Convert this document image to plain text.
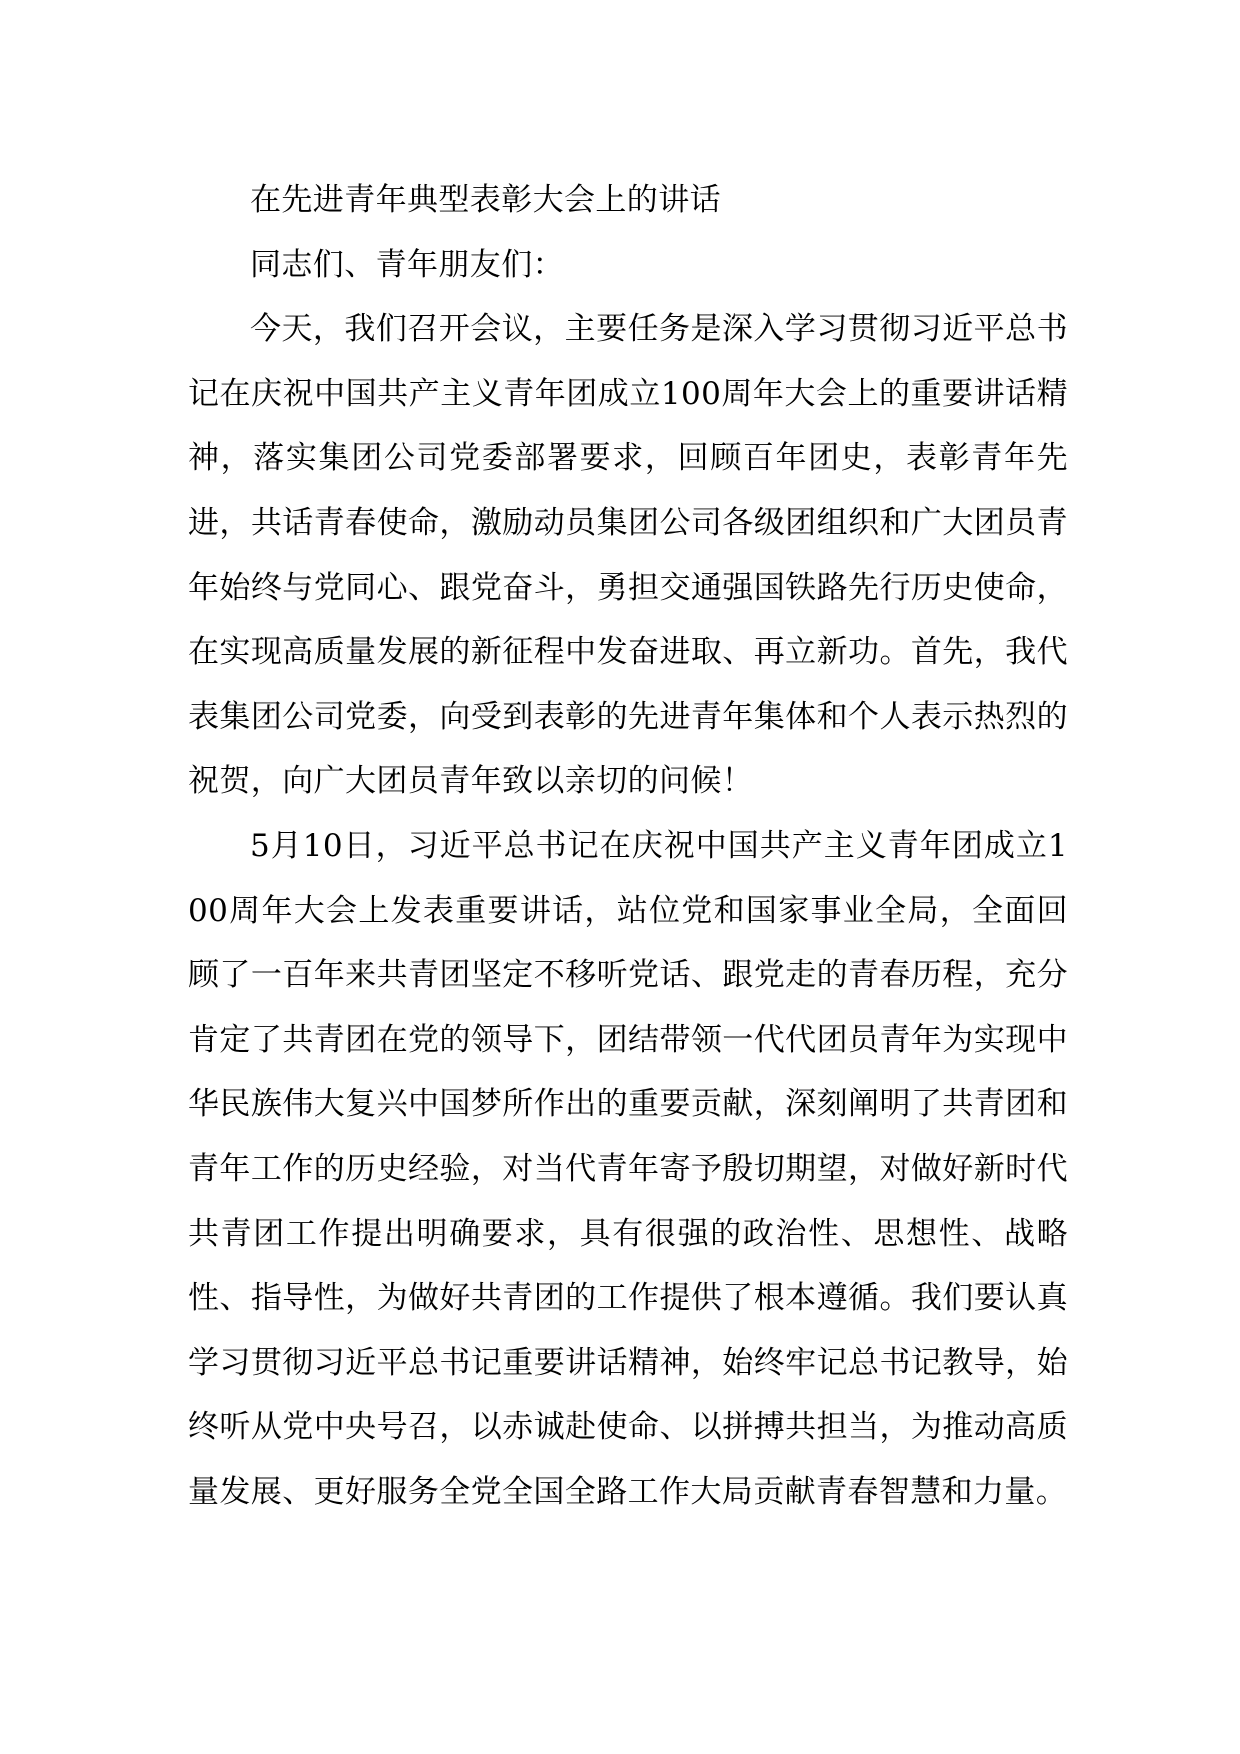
在先进青年典型表彰大会上的讲话

同志们、青年朋友们：

今天，我们召开会议，主要任务是深入学习贯彻习近平总书记在庆祝中国共产主义青年团成立100周年大会上的重要讲话精神，落实集团公司党委部署要求，回顾百年团史，表彰青年先进，共话青春使命，激励动员集团公司各级团组织和广大团员青年始终与党同心、跟党奋斗，勇担交通强国铁路先行历史使命，在实现高质量发展的新征程中发奋进取、再立新功。首先，我代表集团公司党委，向受到表彰的先进青年集体和个人表示热烈的祝贺，向广大团员青年致以亲切的问候！

5月10日，习近平总书记在庆祝中国共产主义青年团成立100周年大会上发表重要讲话，站位党和国家事业全局，全面回顾了一百年来共青团坚定不移听党话、跟党走的青春历程，充分肯定了共青团在党的领导下，团结带领一代代团员青年为实现中华民族伟大复兴中国梦所作出的重要贡献，深刻阐明了共青团和青年工作的历史经验，对当代青年寄予殷切期望，对做好新时代共青团工作提出明确要求，具有很强的政治性、思想性、战略性、指导性，为做好共青团的工作提供了根本遵循。我们要认真学习贯彻习近平总书记重要讲话精神，始终牢记总书记教导，始终听从党中央号召，以赤诚赴使命、以拼搏共担当，为推动高质量发展、更好服务全党全国全路工作大局贡献青春智慧和力量。
